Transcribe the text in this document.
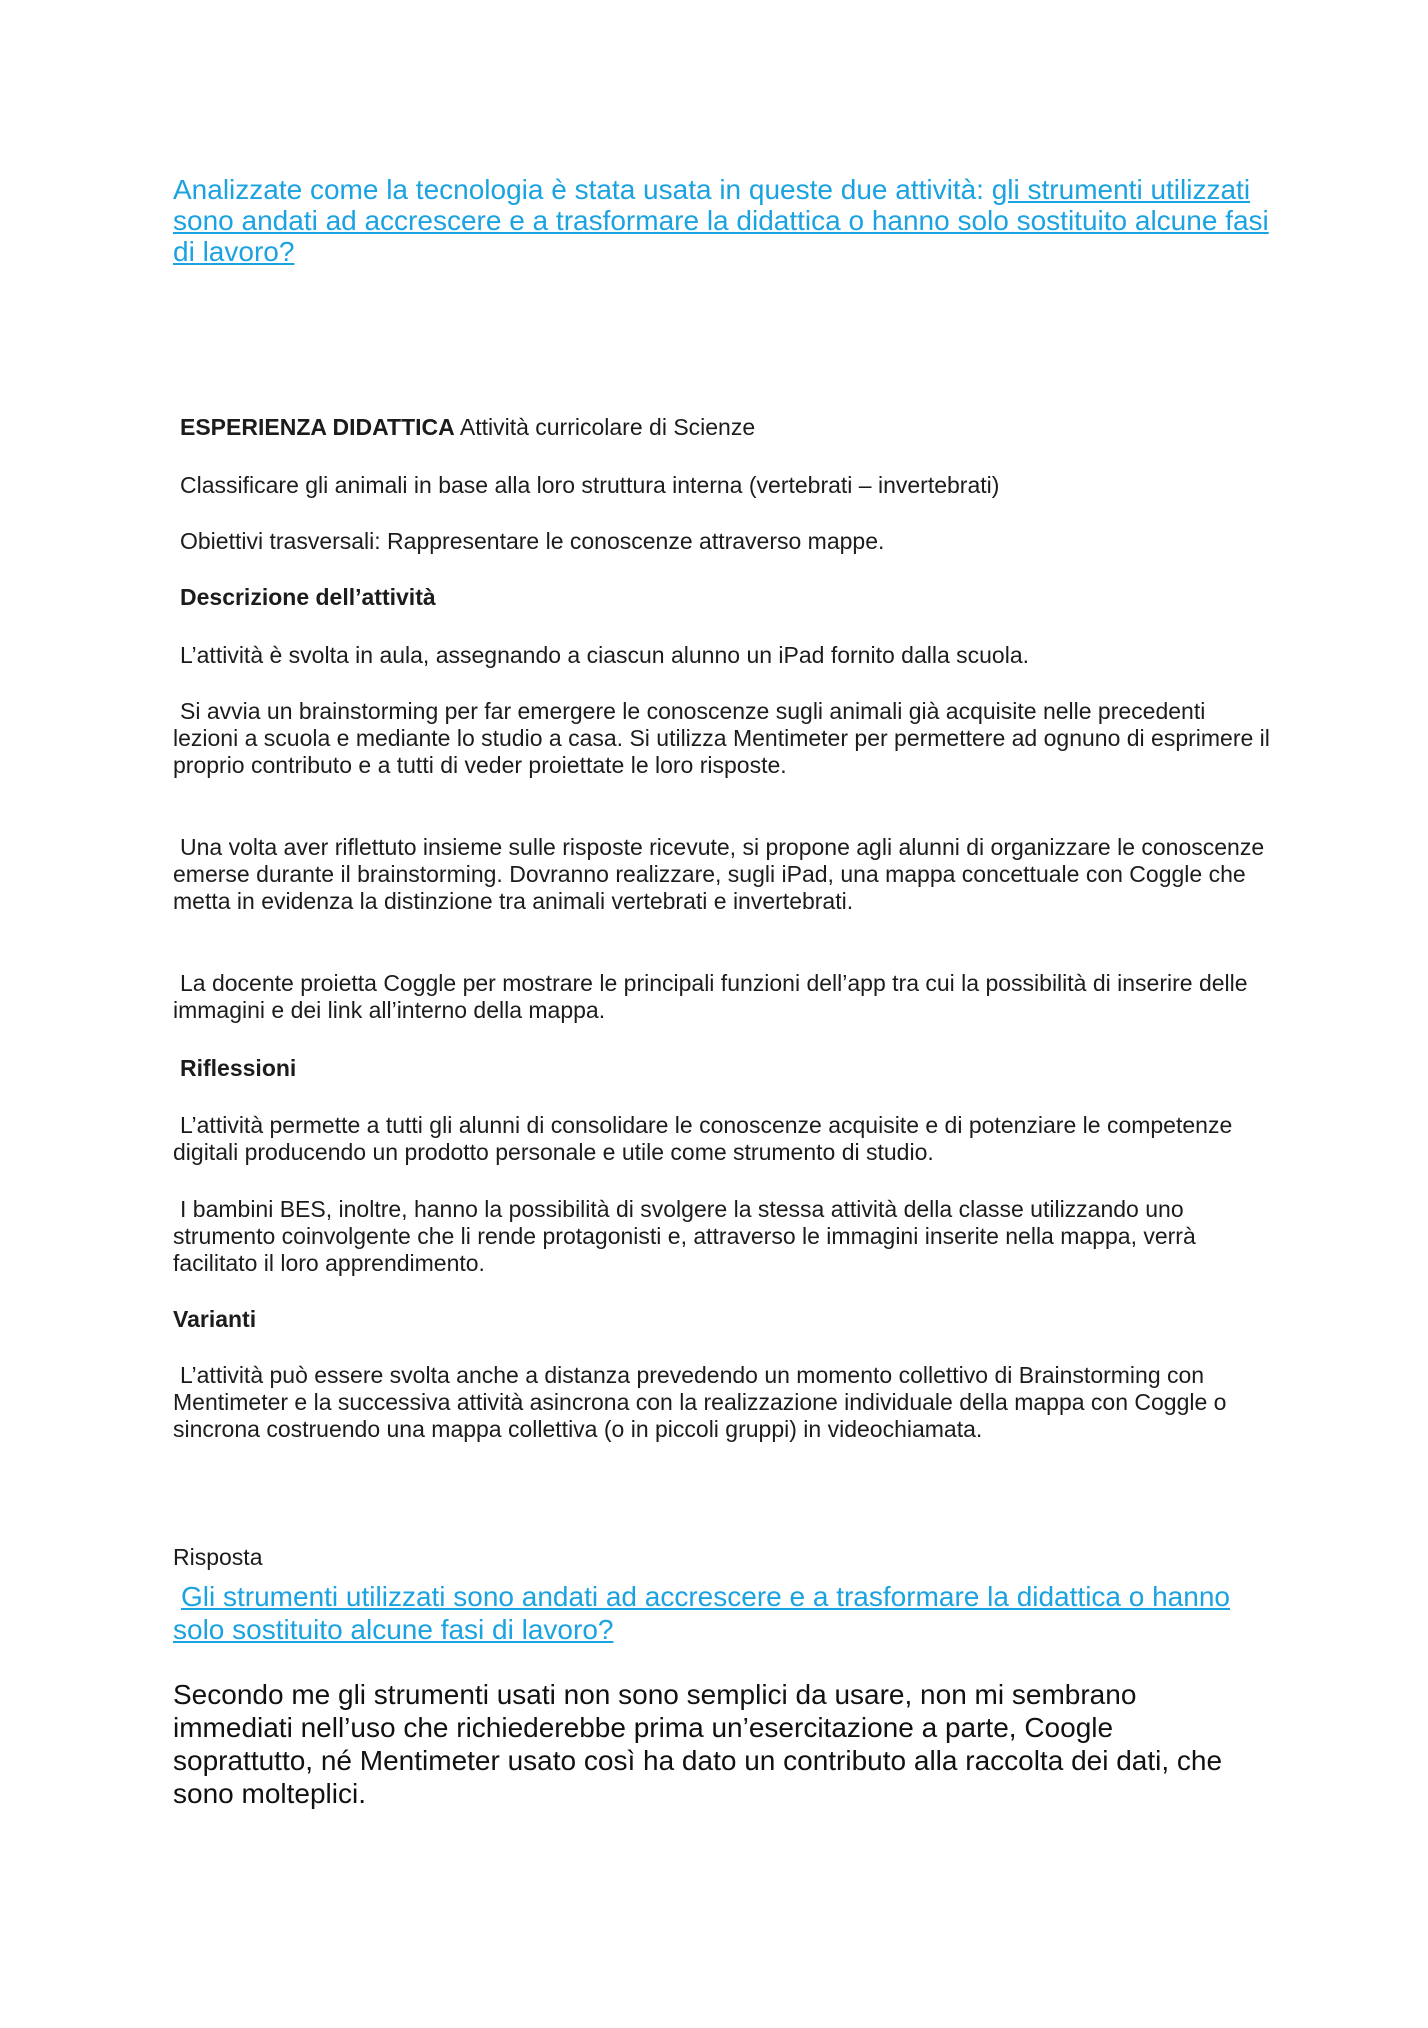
Analizzate come la tecnologia è stata usata in queste due attività: gli strumenti utilizzati sono andati ad accrescere e a trasformare la didattica o hanno solo sostituito alcune fasi di lavoro?

ESPERIENZA DIDATTICA Attività curricolare di Scienze

Classificare gli animali in base alla loro struttura interna (vertebrati – invertebrati)

Obiettivi trasversali: Rappresentare le conoscenze attraverso mappe.

Descrizione dell’attività

L’attività è svolta in aula, assegnando a ciascun alunno un iPad fornito dalla scuola.

Si avvia un brainstorming per far emergere le conoscenze sugli animali già acquisite nelle precedenti lezioni a scuola e mediante lo studio a casa. Si utilizza Mentimeter per permettere ad ognuno di esprimere il proprio contributo e a tutti di veder proiettate le loro risposte.

Una volta aver riflettuto insieme sulle risposte ricevute, si propone agli alunni di organizzare le conoscenze emerse durante il brainstorming. Dovranno realizzare, sugli iPad, una mappa concettuale con Coggle che metta in evidenza la distinzione tra animali vertebrati e invertebrati.

La docente proietta Coggle per mostrare le principali funzioni dell’app tra cui la possibilità di inserire delle immagini e dei link all’interno della mappa.

Riflessioni

L’attività permette a tutti gli alunni di consolidare le conoscenze acquisite e di potenziare le competenze digitali producendo un prodotto personale e utile come strumento di studio.

I bambini BES, inoltre, hanno la possibilità di svolgere la stessa attività della classe utilizzando uno strumento coinvolgente che li rende protagonisti e, attraverso le immagini inserite nella mappa, verrà facilitato il loro apprendimento.

Varianti

L’attività può essere svolta anche a distanza prevedendo un momento collettivo di Brainstorming con Mentimeter e la successiva attività asincrona con la realizzazione individuale della mappa con Coggle o sincrona costruendo una mappa collettiva (o in piccoli gruppi) in videochiamata.

Risposta

Gli strumenti utilizzati sono andati ad accrescere e a trasformare la didattica o hanno solo sostituito alcune fasi di lavoro?

Secondo me gli strumenti usati non sono semplici da usare, non mi sembrano immediati nell’uso che richiederebbe prima un’esercitazione a parte, Coogle soprattutto, né Mentimeter usato così ha dato un contributo alla raccolta dei dati, che sono molteplici.
